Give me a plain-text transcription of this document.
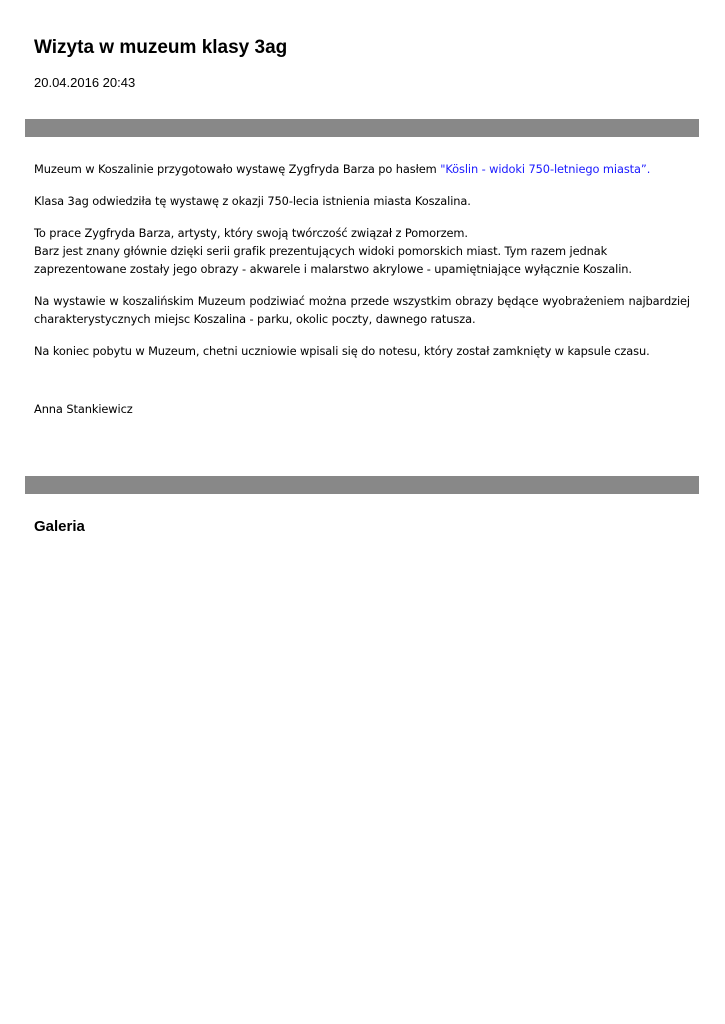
Wizyta w muzeum klasy 3ag
20.04.2016 20:43

Muzeum w Koszalinie przygotowało wystawę Zygfryda Barza po hasłem "Köslin - widoki 750-letniego miasta”.

Klasa 3ag odwiedziła tę wystawę z okazji 750-lecia istnienia miasta Koszalina.

To prace Zygfryda Barza, artysty, który swoją twórczość związał z Pomorzem.
Barz jest znany głównie dzięki serii grafik prezentujących widoki pomorskich miast. Tym razem jednak zaprezentowane zostały jego obrazy - akwarele i malarstwo akrylowe - upamiętniające wyłącznie Koszalin.

Na wystawie w koszalińskim Muzeum podziwiać można przede wszystkim obrazy będące wyobrażeniem najbardziej charakterystycznych miejsc Koszalina - parku, okolic poczty, dawnego ratusza.

Na koniec pobytu w Muzeum, chetni uczniowie wpisali się do notesu, który został zamknięty w kapsule czasu.

Anna Stankiewicz
Galeria
